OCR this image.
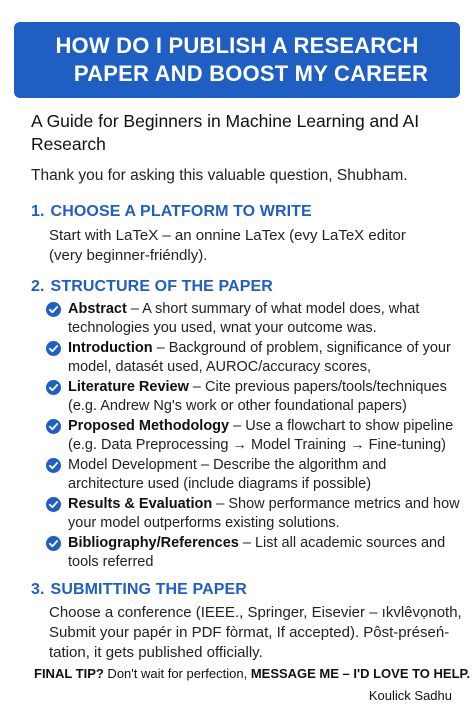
HOW DO I PUBLISH A RESEARCH
PAPER AND BOOST MY CAREER
A Guide for Beginners in Machine Learning and AI Research
Thank you for asking this valuable question, Shubham.
1. CHOOSE A PLATFORM TO WRITE
Start with LaTeX – an onnine LaTex (evy LaTeX editor (very beginner-friéndly).
2. STRUCTURE OF THE PAPER
Abstract – A short summary of what model does, what technologies you used, wnat your outcome was.
Introduction – Background of problem, significance of your model, datasét used, AUROC/accuracy scores,
Literature Review – Cite previous papers/tools/techniques (e.g. Andrew Ng's work or other foundational papers)
Proposed Methodology – Use a flowchart to show pipeline (e.g. Data Preprocessing → Model Training → Fine-tuning)
Model Development – Describe the algorithm and architecture used (include diagrams if possible)
Results & Evaluation – Show performance metrics and how your model outperforms existing solutions.
Bibliography/References – List all academic sources and tools referred
3. SUBMITTING THE PAPER
Choose a conference (IEEE., Springer, Eisevier – ıkvlêvọnoth, Submit your papér in PDF fòrmat, If accepted). Pôst-préseń-tation, it gets published officially.
FINAL TIP? Don't wait for perfection, MESSAGE ME – I'D LOVE TO HELP.
Koulick Sadhu
